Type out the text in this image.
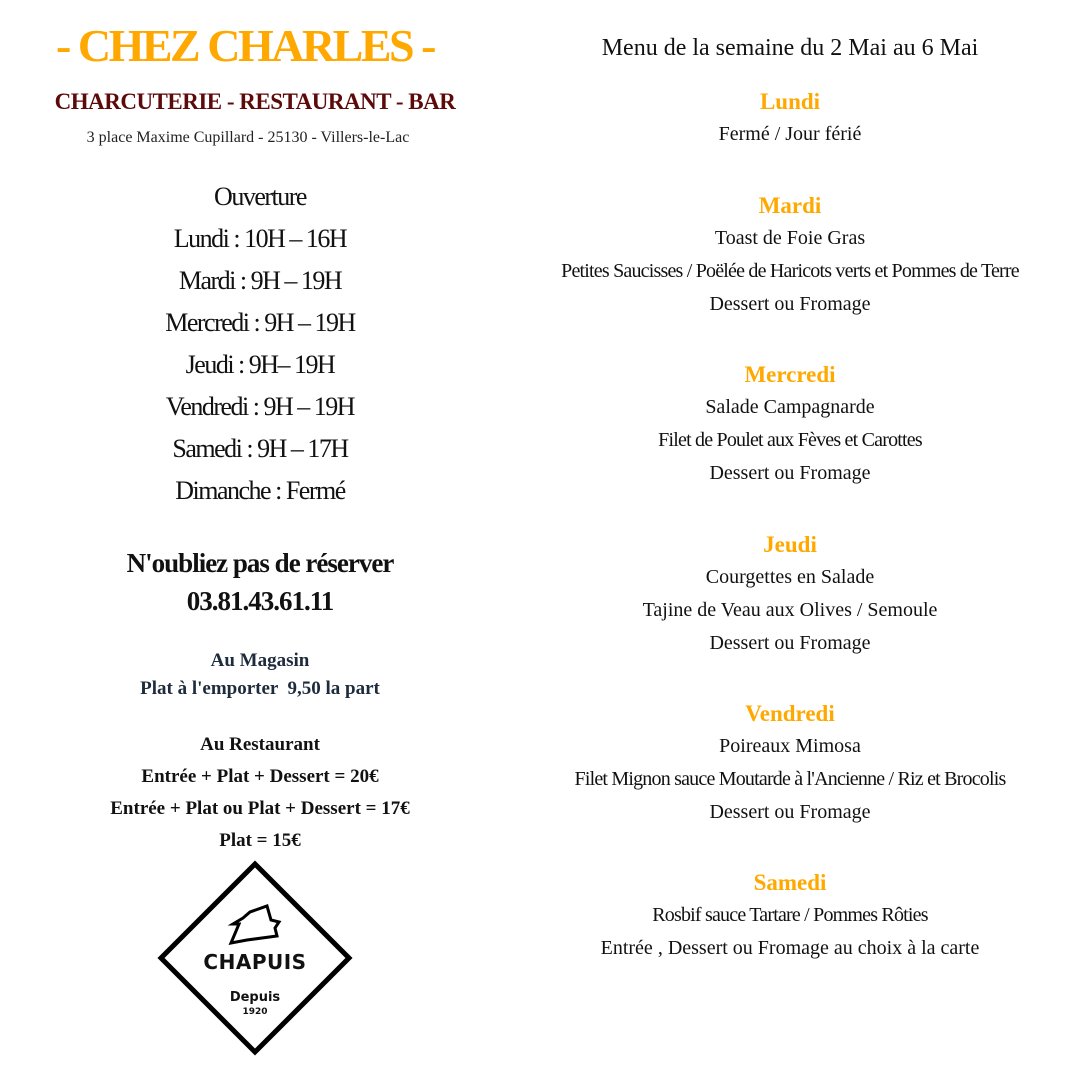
- CHEZ CHARLES -
CHARCUTERIE - RESTAURANT - BAR
3 place Maxime Cupillard - 25130 - Villers-le-Lac
Ouverture
Lundi : 10H – 16H
Mardi : 9H – 19H
Mercredi : 9H – 19H
Jeudi : 9H– 19H
Vendredi : 9H – 19H
Samedi : 9H – 17H
Dimanche : Fermé
N'oubliez pas de réserver
03.81.43.61.11
Au Magasin
Plat à l'emporter  9,50 la part
Au Restaurant
Entrée + Plat + Dessert = 20€
Entrée + Plat ou Plat + Dessert = 17€
Plat = 15€
CHAPUIS
Depuis
1920
Menu de la semaine du 2 Mai au 6 Mai
Lundi
Fermé / Jour férié
Mardi
Toast de Foie Gras
Petites Saucisses / Poëlée de Haricots verts et Pommes de Terre
Dessert ou Fromage
Mercredi
Salade Campagnarde
Filet de Poulet aux Fèves et Carottes
Dessert ou Fromage
Jeudi
Courgettes en Salade
Tajine de Veau aux Olives / Semoule
Dessert ou Fromage
Vendredi
Poireaux Mimosa
Filet Mignon sauce Moutarde à l'Ancienne / Riz et Brocolis
Dessert ou Fromage
Samedi
Rosbif sauce Tartare / Pommes Rôties
Entrée , Dessert ou Fromage au choix à la carte
